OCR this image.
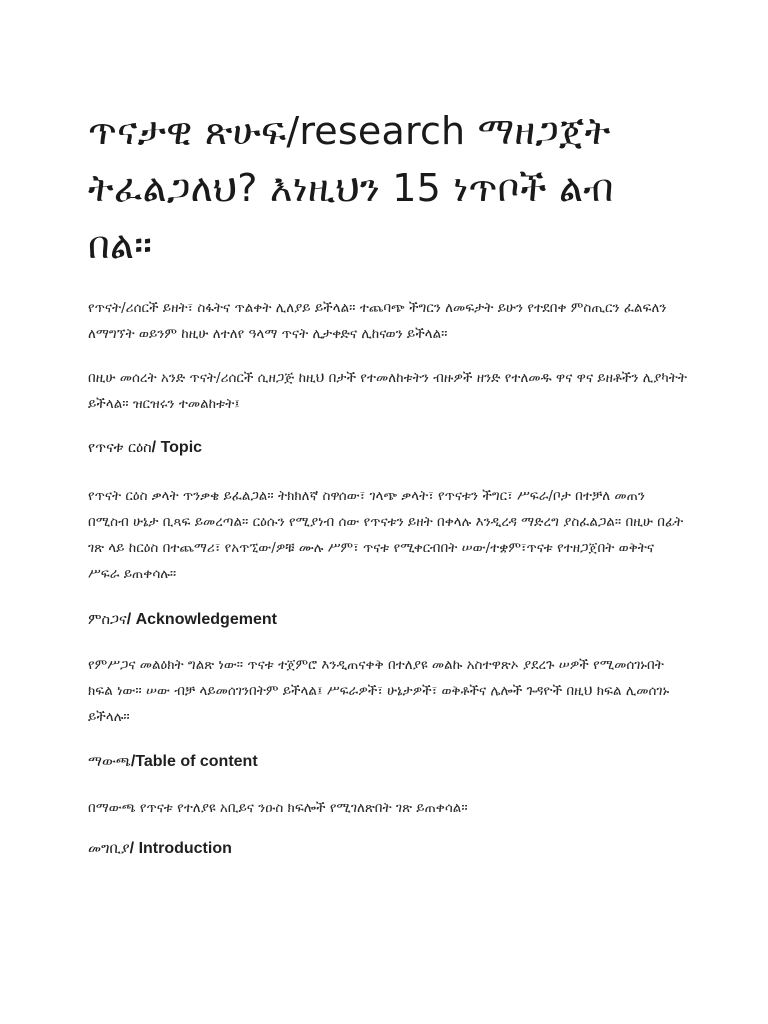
ጥናታዊ ጽሁፍ/research ማዘጋጀት ትፈልጋለህ? እነዚህን 15 ነጥቦች ልብ በል።

የጥናት/ሪሰርች ይዘት፣ ስፋትና ጥልቀት ሊለያይ ይችላል። ተጨባጭ ችግርን ለመፍታት ይሁን የተደበቀ ምስጢርን ፈልፍለን ለማግኘት ወይንም ከዚሁ ለተለየ ዓላማ ጥናት ሊታቀድና ሊከናወን ይችላል።

በዚሁ መሰረት አንድ ጥናት/ሪሰርች ሲዘጋጅ ከዚህ በታች የተመለከቱትን ብዙዎች ዘንድ የተለመዱ ዋና ዋና ይዘቶችን ሊያካትት ይችላል። ዝርዝሩን ተመልከቱት፤

የጥናቱ ርዕስ/ Topic

የጥናት ርዕስ ቃላት ጥንቃቄ ይፈልጋል። ትክክለኛ ስዋሰው፣ ገላጭ ቃላት፣ የጥናቱን ችግር፣ ሥፍራ/ቦታ በተቻለ መጠን በሚስብ ሁኔታ ቢጻፍ ይመረጣል። ርዕሱን የሚያነብ ሰው የጥናቱን ይዘት በቀላሉ እንዲረዳ ማድረግ ያስፈልጋል። በዚሁ በፊት ገጽ ላይ ከርዕስ በተጨማሪ፣ የአጥኚው/ዎቹ ሙሉ ሥም፣ ጥናቱ የሚቀርብበት ሠው/ተቋም፣ጥናቱ የተዘጋጀበት ወቅትና ሥፍራ ይጠቀሳሉ።

ምስጋና/ Acknowledgement

የምሥጋና መልዕክት ግልጽ ነው። ጥናቱ ተጀምሮ እንዲጠናቀቅ በተለያዩ መልኩ አስተዋጽኦ ያደረጉ ሠዎች የሚመሰገኑበት ክፍል ነው። ሠው ብቻ ላይመሰገንበትም ይችላል፤ ሥፍራዎች፣ ሁኔታዎች፣ ወቅቶችና ሌሎች ጉዳዮች በዚህ ክፍል ሊመሰገኑ ይችላሉ።

ማውጫ/Table of content

በማውጫ የጥናቱ የተለያዩ አቢይና ንዑስ ክፍሎች የሚገለጽበት ገጽ ይጠቀሳል።

መግቢያ/ Introduction
